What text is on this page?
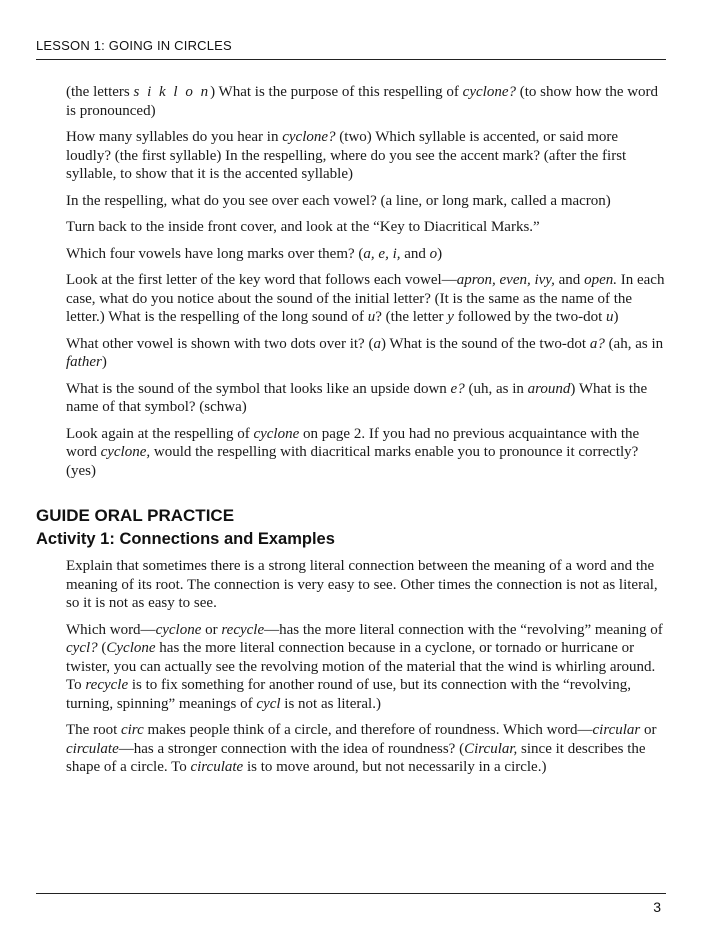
LESSON 1: GOING IN CIRCLES

(the letters s i k l o n) What is the purpose of this respelling of cyclone? (to show how the word is pronounced)

How many syllables do you hear in cyclone? (two) Which syllable is accented, or said more loudly? (the first syllable) In the respelling, where do you see the accent mark? (after the first syllable, to show that it is the accented syllable)

In the respelling, what do you see over each vowel? (a line, or long mark, called a macron)

Turn back to the inside front cover, and look at the “Key to Diacritical Marks.”

Which four vowels have long marks over them? (a, e, i, and o)

Look at the first letter of the key word that follows each vowel—apron, even, ivy, and open. In each case, what do you notice about the sound of the initial letter? (It is the same as the name of the letter.) What is the respelling of the long sound of u? (the letter y followed by the two-dot u)

What other vowel is shown with two dots over it? (a) What is the sound of the two-dot a? (ah, as in father)

What is the sound of the symbol that looks like an upside down e? (uh, as in around) What is the name of that symbol? (schwa)

Look again at the respelling of cyclone on page 2. If you had no previous acquaintance with the word cyclone, would the respelling with diacritical marks enable you to pronounce it correctly? (yes)

GUIDE ORAL PRACTICE
Activity 1: Connections and Examples

Explain that sometimes there is a strong literal connection between the meaning of a word and the meaning of its root. The connection is very easy to see. Other times the connection is not as literal, so it is not as easy to see.

Which word—cyclone or recycle—has the more literal connection with the “revolving” meaning of cycl? (Cyclone has the more literal connection because in a cyclone, or tornado or hurricane or twister, you can actually see the revolving motion of the material that the wind is whirling around. To recycle is to fix something for another round of use, but its connection with the “revolving, turning, spinning” meanings of cycl is not as literal.)

The root circ makes people think of a circle, and therefore of roundness. Which word—circular or circulate—has a stronger connection with the idea of roundness? (Circular, since it describes the shape of a circle. To circulate is to move around, but not necessarily in a circle.)

3
